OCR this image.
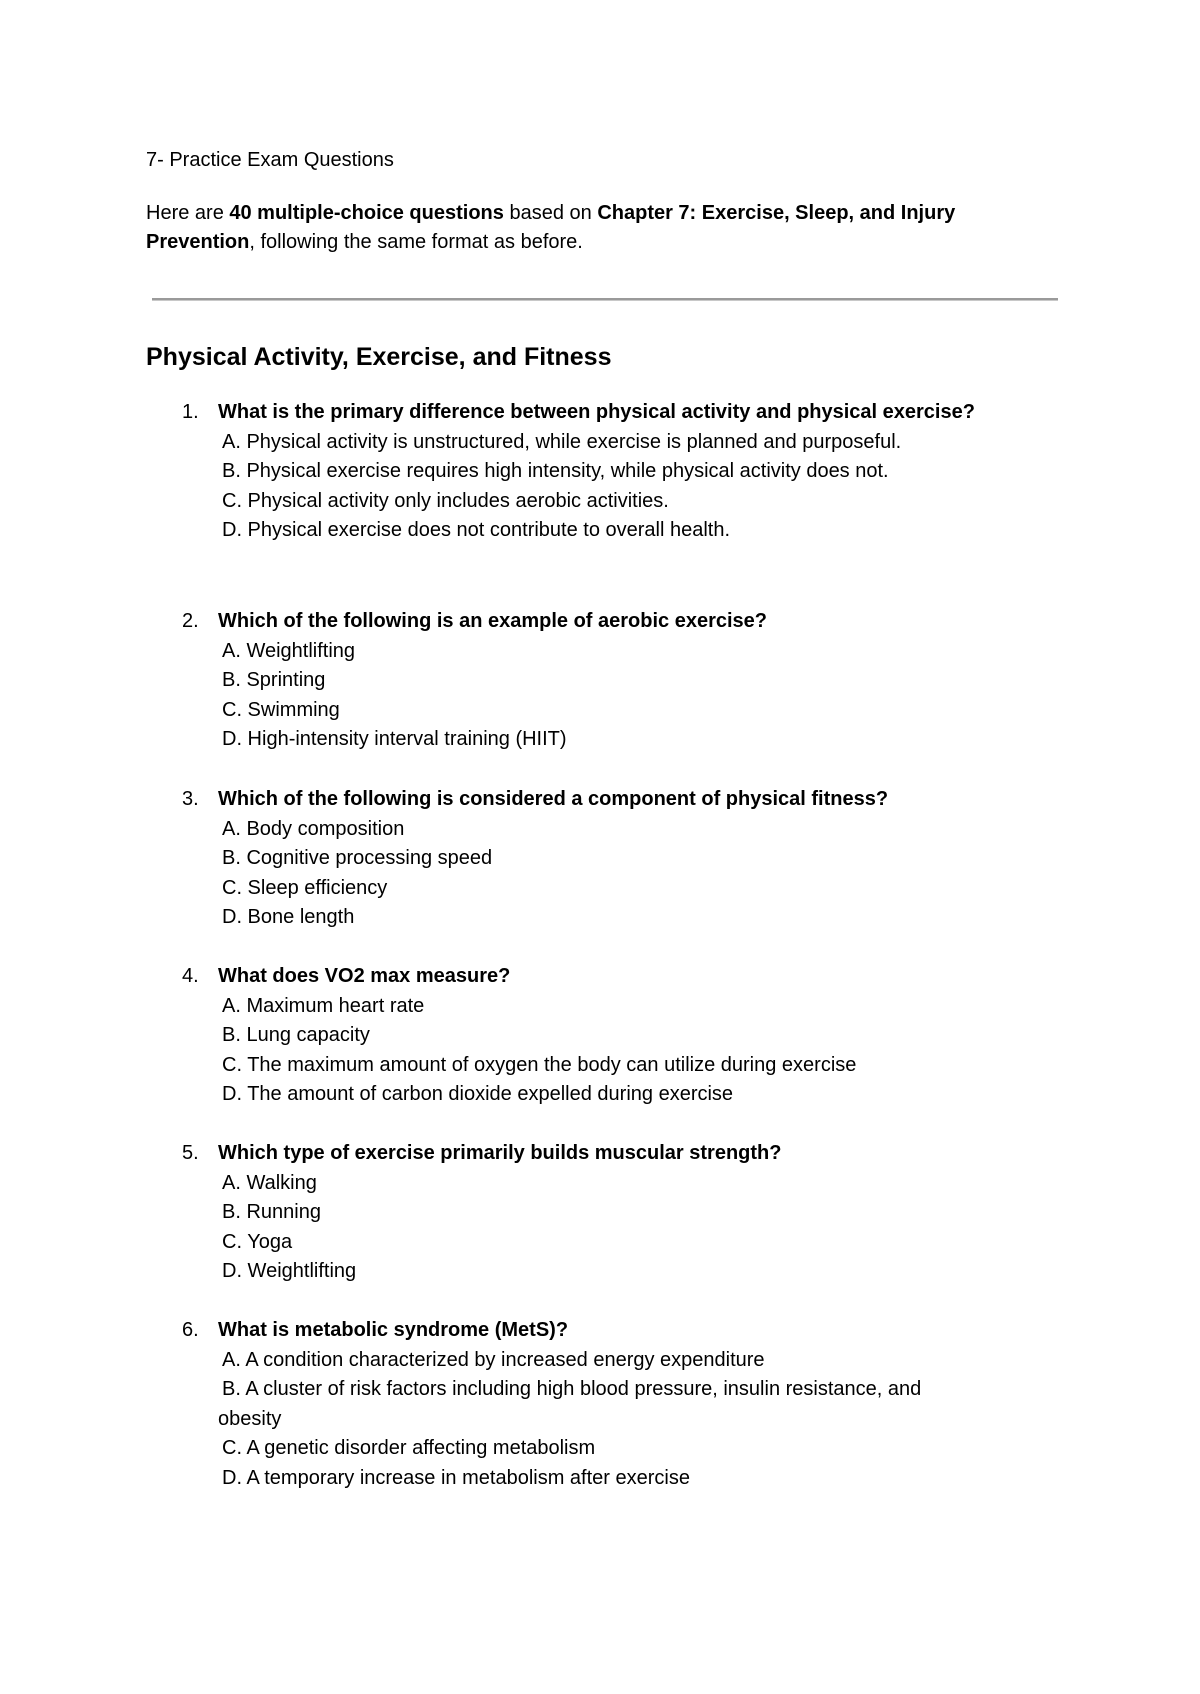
7- Practice Exam Questions

Here are 40 multiple-choice questions based on Chapter 7: Exercise, Sleep, and Injury Prevention, following the same format as before.

Physical Activity, Exercise, and Fitness
1. What is the primary difference between physical activity and physical exercise?
A. Physical activity is unstructured, while exercise is planned and purposeful.
B. Physical exercise requires high intensity, while physical activity does not.
C. Physical activity only includes aerobic activities.
D. Physical exercise does not contribute to overall health.
2. Which of the following is an example of aerobic exercise?
A. Weightlifting
B. Sprinting
C. Swimming
D. High-intensity interval training (HIIT)
3. Which of the following is considered a component of physical fitness?
A. Body composition
B. Cognitive processing speed
C. Sleep efficiency
D. Bone length
4. What does VO2 max measure?
A. Maximum heart rate
B. Lung capacity
C. The maximum amount of oxygen the body can utilize during exercise
D. The amount of carbon dioxide expelled during exercise
5. Which type of exercise primarily builds muscular strength?
A. Walking
B. Running
C. Yoga
D. Weightlifting
6. What is metabolic syndrome (MetS)?
A. A condition characterized by increased energy expenditure
B. A cluster of risk factors including high blood pressure, insulin resistance, and
obesity
C. A genetic disorder affecting metabolism
D. A temporary increase in metabolism after exercise
